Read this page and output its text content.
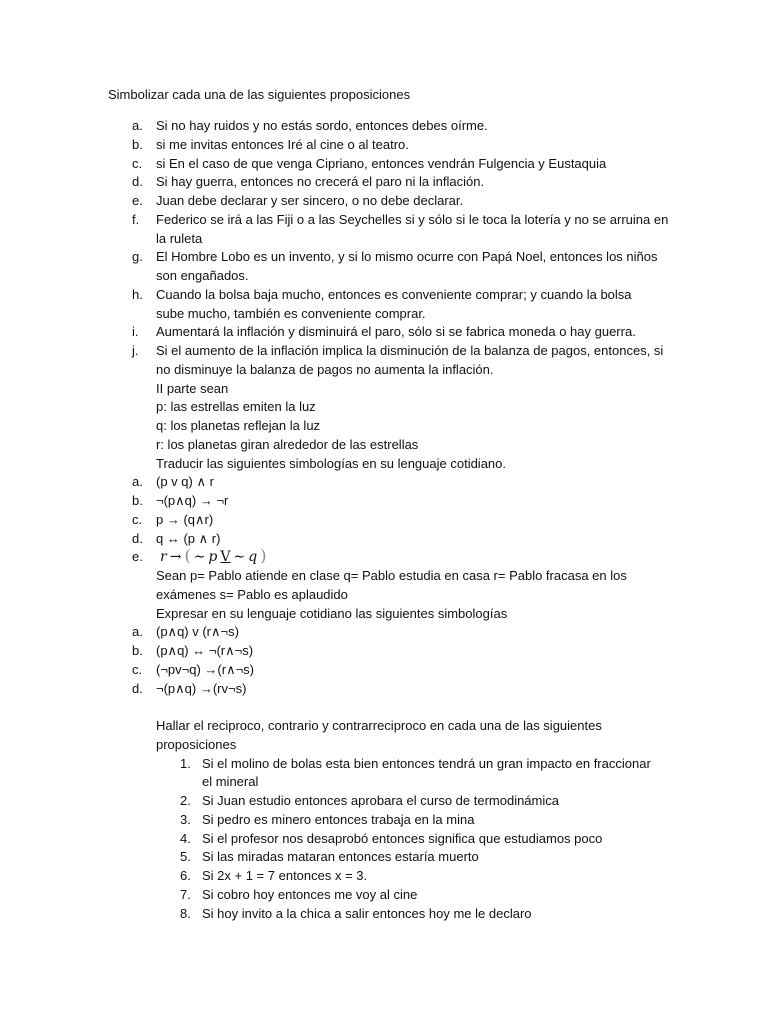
Simbolizar cada una de las siguientes proposiciones
a. Si no hay ruidos y no estás sordo, entonces debes oírme.
b. si me invitas entonces Iré al cine o al teatro.
c. si En el caso de que venga Cipriano, entonces vendrán Fulgencia y Eustaquia
d. Si hay guerra, entonces no crecerá el paro ni la inflación.
e. Juan debe declarar y ser sincero, o no debe declarar.
f. Federico se irá a las Fiji o a las Seychelles si y sólo si le toca la lotería y no se arruina en
la ruleta
g. El Hombre Lobo es un invento, y si lo mismo ocurre con Papá Noel, entonces los niños
son engañados.
h. Cuando la bolsa baja mucho, entonces es conveniente comprar; y cuando la bolsa
sube mucho, también es conveniente comprar.
i. Aumentará la inflación y disminuirá el paro, sólo si se fabrica moneda o hay guerra.
j. Si el aumento de la inflación implica la disminución de la balanza de pagos, entonces, si
no disminuye la balanza de pagos no aumenta la inflación.
II parte sean
p: las estrellas emiten la luz
q: los planetas reflejan la luz
r: los planetas giran alrededor de las estrellas
Traducir las siguientes simbologías en su lenguaje cotidiano.
a. (p v q) ∧ r
b. ¬(p∧q) → ¬r
c. p → (q∧r)
d. q ↔ (p ∧ r)
e. r → ( ∼ p V ∼ q )
Sean p= Pablo atiende en clase q= Pablo estudia en casa r= Pablo fracasa en los
exámenes s= Pablo es aplaudido
Expresar en su lenguaje cotidiano las siguientes simbologías
a. (p∧q) v (r∧¬s)
b. (p∧q) ↔ ¬(r∧¬s)
c. (¬pv¬q) →(r∧¬s)
d. ¬(p∧q) →(rv¬s)
Hallar el reciproco, contrario y contrarreciproco en cada una de las siguientes
proposiciones
1. Si el molino de bolas esta bien entonces tendrá un gran impacto en fraccionar
el mineral
2. Si Juan estudio entonces aprobara el curso de termodinámica
3. Si pedro es minero entonces trabaja en la mina
4. Si el profesor nos desaprobó entonces significa que estudiamos poco
5. Si las miradas mataran entonces estaría muerto
6. Si 2x + 1 = 7 entonces x = 3.
7. Si cobro hoy entonces me voy al cine
8. Si hoy invito a la chica a salir entonces hoy me le declaro
